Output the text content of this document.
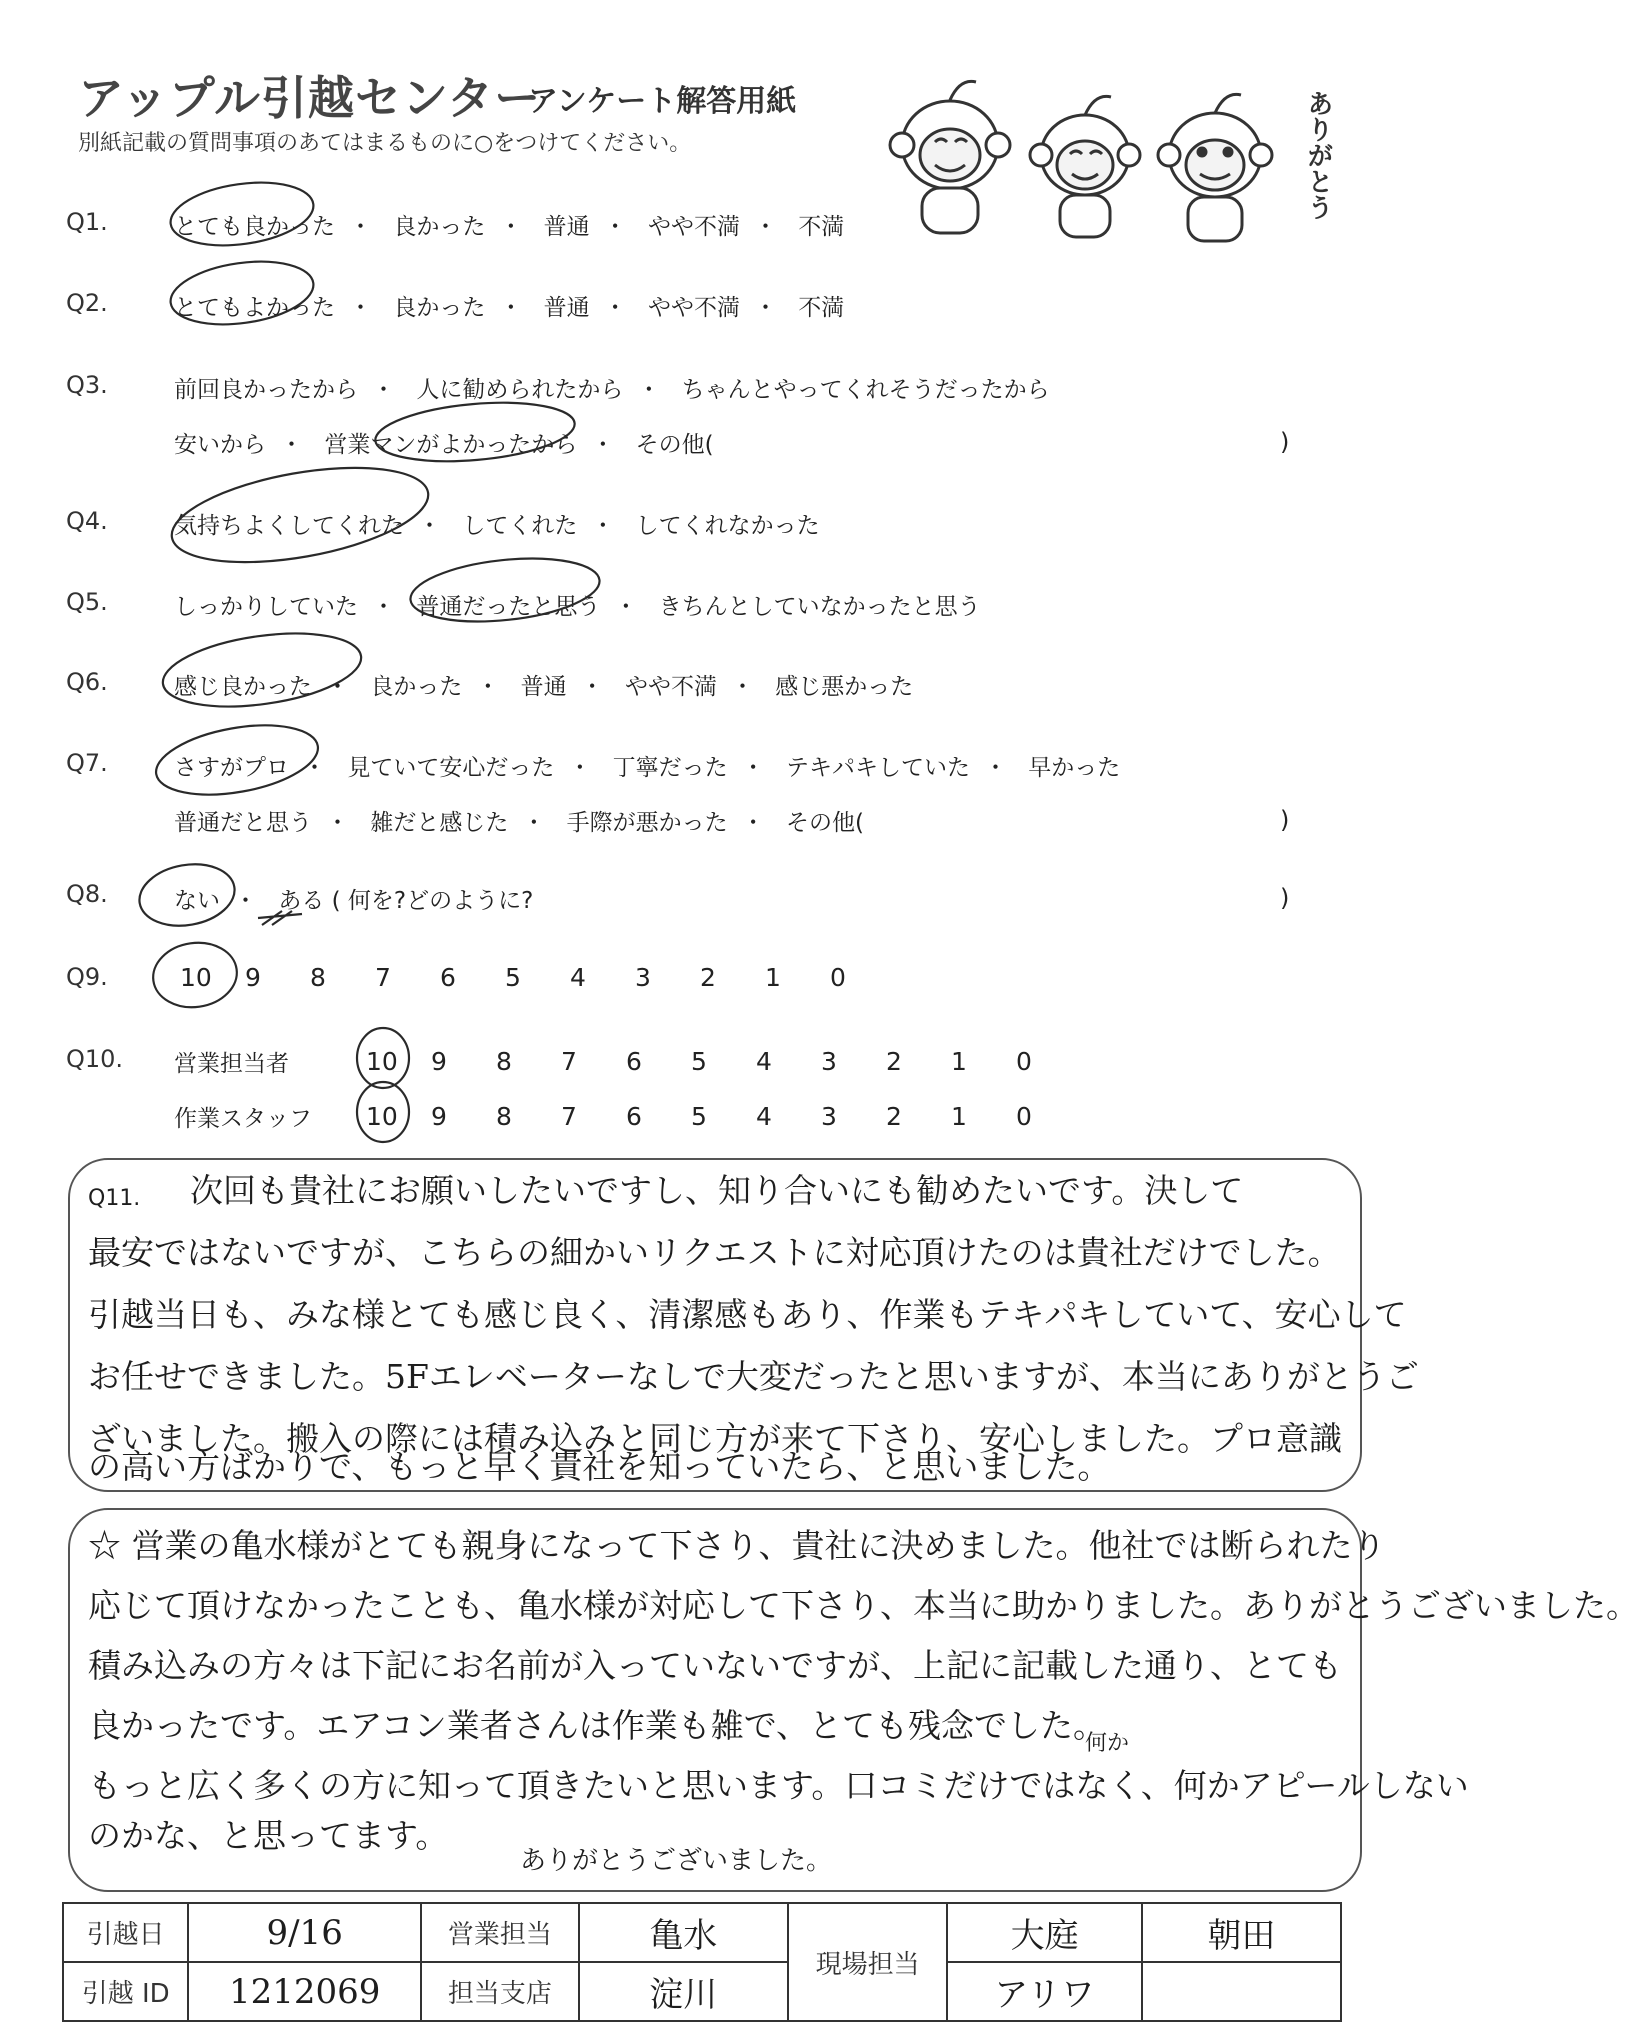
アップル引越センター
アンケート解答用紙
別紙記載の質問事項のあてはまるものに○をつけてください。	ありがとう
Q1.	とても良かった ・ 良かった ・ 普通 ・ やや不満 ・ 不満
Q2.	とてもよかった ・ 良かった ・ 普通 ・ やや不満 ・ 不満
Q3.	前回良かったから ・ 人に勧められたから ・ ちゃんとやってくれそうだったから
安いから ・ 営業マンがよかったから ・ その他(	)
Q4.	気持ちよくしてくれた ・ してくれた ・ してくれなかった
Q5.	しっかりしていた ・ 普通だったと思う ・ きちんとしていなかったと思う
Q6.	感じ良かった ・ 良かった ・ 普通 ・ やや不満 ・ 感じ悪かった
Q7.	さすがプロ ・ 見ていて安心だった ・ 丁寧だった ・ テキパキしていた ・ 早かった
普通だと思う ・ 雑だと感じた ・ 手際が悪かった ・ その他(	)
Q8.	ない ・ ある ( 何を?どのように?	)
Q9.	10 9 8 7 6 5 4 3 2 1 0
Q10. 営業担当者	10 9 8 7 6 5 4 3 2 1 0
作業スタッフ 10 9 8 7 6 5 4 3 2 1 0
Q11. 次回も貴社にお願いしたいですし、知り合いにも勧めたいです。決して
最安ではないですが、こちらの細かいリクエストに対応頂けたのは貴社だけでした。
引越当日も、みな様とても感じ良く、清潔感もあり、作業もテキパキしていて、安心して
お任せできました。5Fエレベーターなしで大変だったと思いますが、本当にありがとうご
ざいました。搬入の際には積み込みと同じ方が来て下さり、安心しました。プロ意識
の高い方ばかりで、もっと早く貴社を知っていたら、と思いました。
☆ 営業の亀水様がとても親身になって下さり、貴社に決めました。他社では断られたり
応じて頂けなかったことも、亀水様が対応して下さり、本当に助かりました。ありがとうございました。
積み込みの方々は下記にお名前が入っていないですが、上記に記載した通り、とても
良かったです。エアコン業者さんは作業も雑で、とても残念でした。
何か
もっと広く多くの方に知って頂きたいと思います。口コミだけではなく、何かアピールしない
のかな、と思ってます。
ありがとうございました。
引越日	9/16	営業担当	亀水	現場担当	大庭	朝田
引越 ID	1212069	担当支店	淀川		アリワ	
